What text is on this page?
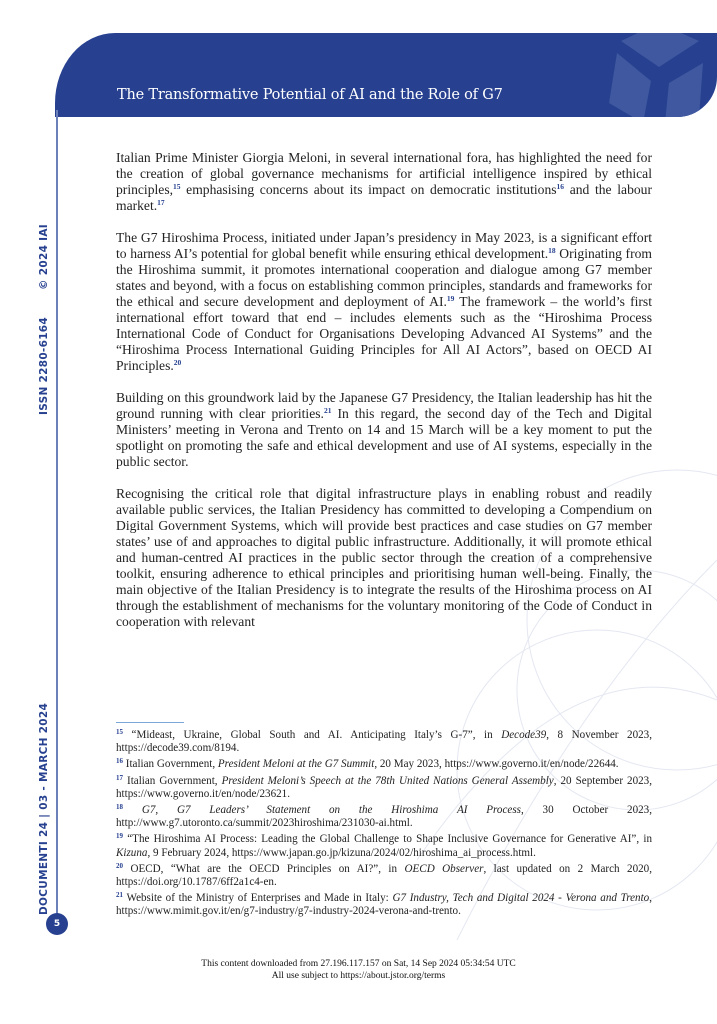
The Transformative Potential of AI and the Role of G7
© 2024 IAI
ISSN 2280-6164
DOCUMENTI 24 | 03 - MARCH 2024

Italian Prime Minister Giorgia Meloni, in several international fora, has highlighted the need for the creation of global governance mechanisms for artificial intelligence inspired by ethical principles,$^{15}$ emphasising concerns about its impact on democratic institutions$^{16}$ and the labour market.$^{17}$

The G7 Hiroshima Process, initiated under Japan’s presidency in May 2023, is a significant effort to harness AI’s potential for global benefit while ensuring ethical development.$^{18}$ Originating from the Hiroshima summit, it promotes international cooperation and dialogue among G7 member states and beyond, with a focus on establishing common principles, standards and frameworks for the ethical and secure development and deployment of AI.$^{19}$ The framework – the world’s first international effort toward that end – includes elements such as the “Hiroshima Process International Code of Conduct for Organisations Developing Advanced AI Systems” and the “Hiroshima Process International Guiding Principles for All AI Actors”, based on OECD AI Principles.$^{20}$

Building on this groundwork laid by the Japanese G7 Presidency, the Italian leadership has hit the ground running with clear priorities.$^{21}$ In this regard, the second day of the Tech and Digital Ministers’ meeting in Verona and Trento on 14 and 15 March will be a key moment to put the spotlight on promoting the safe and ethical development and use of AI systems, especially in the public sector.

Recognising the critical role that digital infrastructure plays in enabling robust and readily available public services, the Italian Presidency has committed to developing a Compendium on Digital Government Systems, which will provide best practices and case studies on G7 member states’ use of and approaches to digital public infrastructure. Additionally, it will promote ethical and human-centred AI practices in the public sector through the creation of a comprehensive toolkit, ensuring adherence to ethical principles and prioritising human well-being. Finally, the main objective of the Italian Presidency is to integrate the results of the Hiroshima process on AI through the establishment of mechanisms for the voluntary monitoring of the Code of Conduct in cooperation with relevant

$^{15}$ “Mideast, Ukraine, Global South and AI. Anticipating Italy’s G-7”, in Decode39, 8 November 2023, https://decode39.com/8194.

$^{16}$ Italian Government, President Meloni at the G7 Summit, 20 May 2023, https://www.governo.it/en/node/22644.

$^{17}$ Italian Government, President Meloni’s Speech at the 78th United Nations General Assembly, 20 September 2023, https://www.governo.it/en/node/23621.

$^{18}$ G7, G7 Leaders’ Statement on the Hiroshima AI Process, 30 October 2023, http://www.g7.utoronto.ca/summit/2023hiroshima/231030-ai.html.

$^{19}$ “The Hiroshima AI Process: Leading the Global Challenge to Shape Inclusive Governance for Generative AI”, in Kizuna, 9 February 2024, https://www.japan.go.jp/kizuna/2024/02/hiroshima_ai_process.html.

$^{20}$ OECD, “What are the OECD Principles on AI?”, in OECD Observer, last updated on 2 March 2020, https://doi.org/10.1787/6ff2a1c4-en.

$^{21}$ Website of the Ministry of Enterprises and Made in Italy: G7 Industry, Tech and Digital 2024 - Verona and Trento, https://www.mimit.gov.it/en/g7-industry/g7-industry-2024-verona-and-trento.

5
This content downloaded from 27.196.117.157 on Sat, 14 Sep 2024 05:34:54 UTC
All use subject to https://about.jstor.org/terms
